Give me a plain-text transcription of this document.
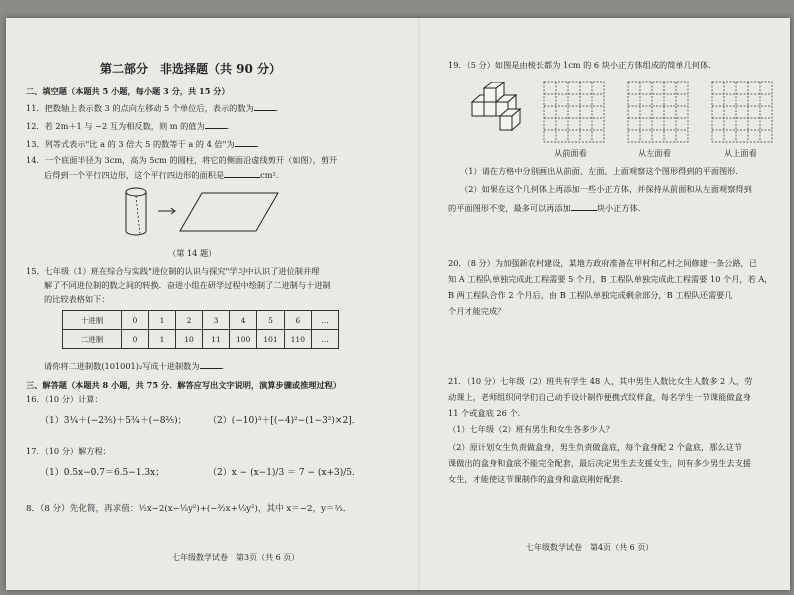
第二部分　非选择题（共 90 分）
二、填空题（本题共 5 小题，每小题 3 分，共 15 分）
11．把数轴上表示数 3 的点向左移动 5 个单位后，表示的数为	．
12．若 2m＋1 与 −2 互为相反数，则 m 的值为	．
13．列等式表示"比 a 的 3 倍大 5 的数等于 a 的 4 倍"为	．
14．一个底面半径为 3cm，高为 5cm 的圆柱，将它的侧面沿虚线剪开（如图），剪开
后得到一个平行四边形，这个平行四边形的面积是	cm²．
（第 14 题）
15．七年级（1）班在综合与实践"进位制的认识与探究"学习中认识了进位制并理
解了不同进位制的数之间的转换．奋进小组在研学过程中绘制了二进制与十进制
的比较表格如下：
十进制	0	1	2	3	4	5	6	…
二进制	0	1	10	11	100	101	110	…
请你将二进制数(101001)₂写成十进制数为	．
三、解答题（本题共 8 小题，共 75 分．解答应写出文字说明，演算步骤或推理过程）
16．（10 分）计算：
（1）3¼＋(−2⅗)＋5¾＋(−8⅖)； （2）(−10)³＋[(−4)²−(1−3²)×2]．
17．（10 分）解方程：
（1）0.5x−0.7＝6.5−1.3x；	（2）x − (x−1)/3 ＝ 7 − (x+3)/5．
8．（8 分）先化简，再求值：½x−2(x−⅓y²)+(−³⁄₂x+⅓y²)，其中 x＝−2，y＝⅔．
七年级数学试卷　第3页（共 6 页）
19．（5 分）如图是由棱长都为 1cm 的 6 块小正方体组成的简单几何体．
从前面看	从左面看	从上面看
（1）请在方格中分别画出从前面、左面、上面观察这个图形得到的平面图形．
（2）如果在这个几何体上再添加一些小正方体，并保持从前面和从左面观察得到
的平面图形不变，最多可以再添加	块小正方体．
20．（8 分）为加强新农村建设，某地方政府准备在甲村和乙村之间修建一条公路，已
知 A 工程队单独完成此工程需要 5 个月，B 工程队单独完成此工程需要 10 个月，若 A，
B 两工程队合作 2 个月后，由 B 工程队单独完成剩余部分，B 工程队还需要几
个月才能完成？
21．（10 分）七年级（2）班共有学生 48 人，其中男生人数比女生人数多 2 人，劳
动课上，老师组织同学们自己动手设计制作便携式纹样盒，每名学生一节课能做盒身
11 个或盒底 26 个．
（1）七年级（2）班有男生和女生各多少人？
（2）原计划女生负责做盒身，男生负责做盒底，每个盒身配 2 个盒底，那么这节
课做出的盒身和盒底不能完全配套，最后决定男生去支援女生，问有多少男生去支援
女生，才能使这节课制作的盒身和盒底刚好配套．
七年级数学试卷　第4页（共 6 页）
